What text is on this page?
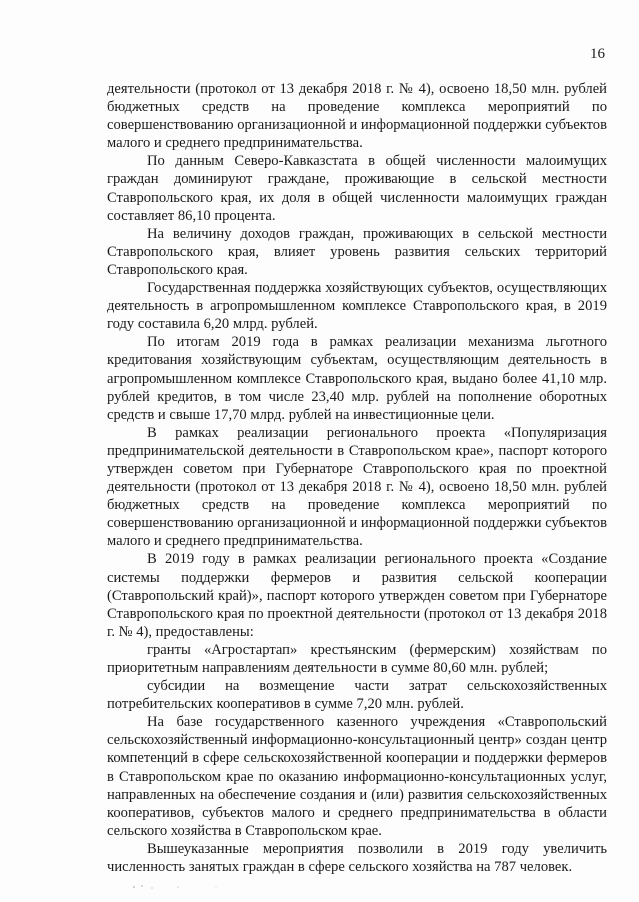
16

деятельности (протокол от 13 декабря 2018 г. № 4), освоено 18,50 млн. рублей бюджетных средств на проведение комплекса мероприятий по совершенствованию организационной и информационной поддержки субъектов малого и среднего предпринимательства.

По данным Северо-Кавказстата в общей численности малоимущих граждан доминируют граждане, проживающие в сельской местности Ставропольского края, их доля в общей численности малоимущих граждан составляет 86,10 процента.

На величину доходов граждан, проживающих в сельской местности Ставропольского края, влияет уровень развития сельских территорий Ставропольского края.

Государственная поддержка хозяйствующих субъектов, осуществляющих деятельность в агропромышленном комплексе Ставропольского края, в 2019 году составила 6,20 млрд. рублей.

По итогам 2019 года в рамках реализации механизма льготного кредитования хозяйствующим субъектам, осуществляющим деятельность в агропромышленном комплексе Ставропольского края, выдано более 41,10 млр. рублей кредитов, в том числе 23,40 млр. рублей на пополнение оборотных средств и свыше 17,70 млрд. рублей на инвестиционные цели.

В рамках реализации регионального проекта «Популяризация предпринимательской деятельности в Ставропольском крае», паспорт которого утвержден советом при Губернаторе Ставропольского края по проектной деятельности (протокол от 13 декабря 2018 г. № 4), освоено 18,50 млн. рублей бюджетных средств на проведение комплекса мероприятий по совершенствованию организационной и информационной поддержки субъектов малого и среднего предпринимательства.

В 2019 году в рамках реализации регионального проекта «Создание системы поддержки фермеров и развития сельской кооперации (Ставропольский край)», паспорт которого утвержден советом при Губернаторе Ставропольского края по проектной деятельности (протокол от 13 декабря 2018 г. № 4), предоставлены:

гранты «Агростартап» крестьянским (фермерским) хозяйствам по приоритетным направлениям деятельности в сумме 80,60 млн. рублей;

субсидии на возмещение части затрат сельскохозяйственных потребительских кооперативов в сумме 7,20 млн. рублей.

На базе государственного казенного учреждения «Ставропольский сельскохозяйственный информационно-консультационный центр» создан центр компетенций в сфере сельскохозяйственной кооперации и поддержки фермеров в Ставропольском крае по оказанию информационно-консультационных услуг, направленных на обеспечение создания и (или) развития сельскохозяйственных кооперативов, субъектов малого и среднего предпринимательства в области сельского хозяйства в Ставропольском крае.

Вышеуказанные мероприятия позволили в 2019 году увеличить численность занятых граждан в сфере сельского хозяйства на 787 человек.
